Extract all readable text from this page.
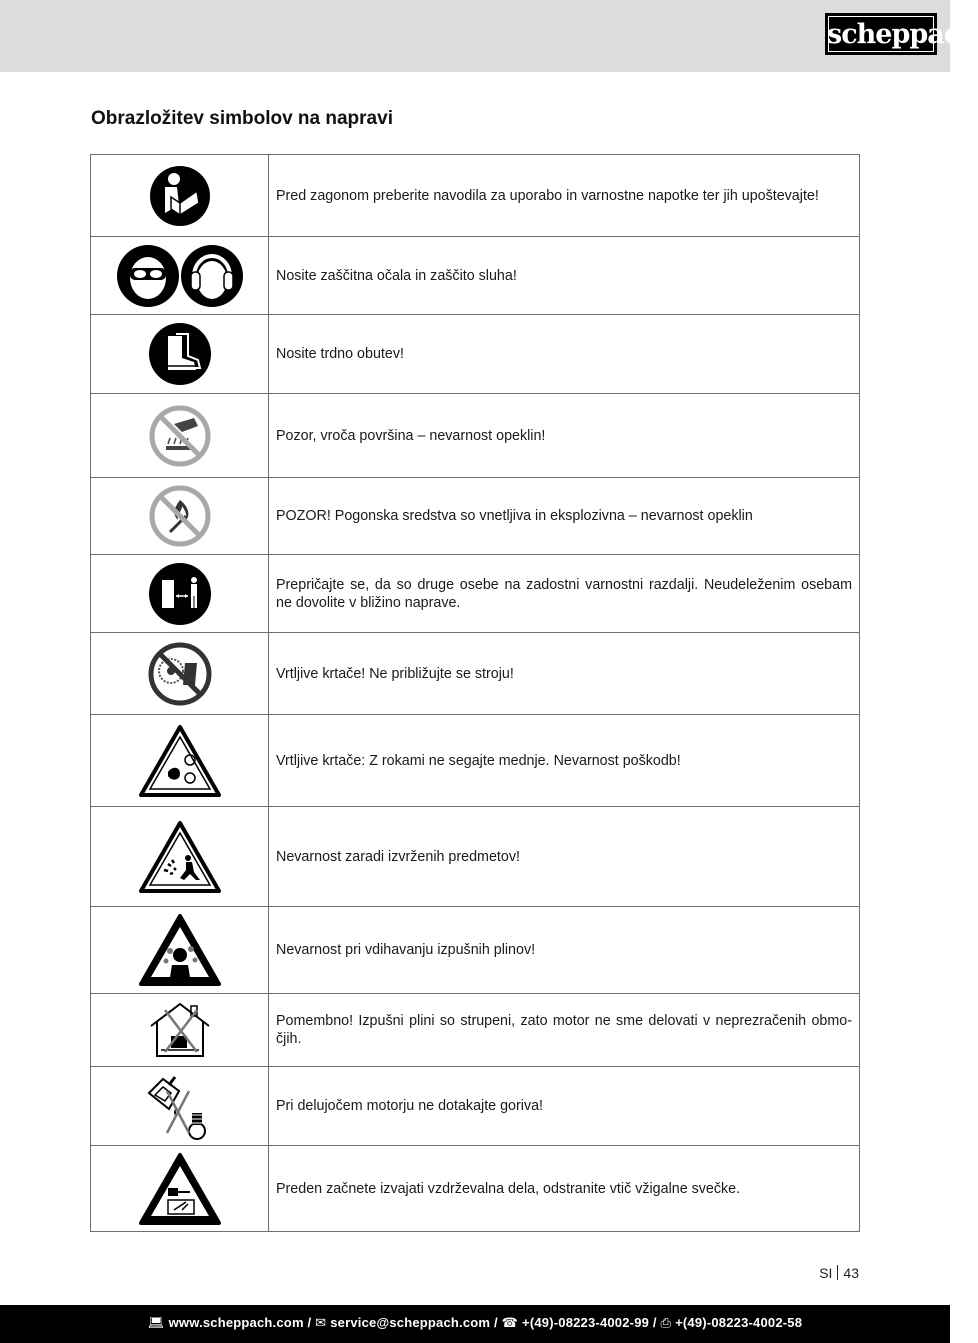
scheppach
Obrazložitev simbolov na napravi
	Pred zagonom preberite navodila za uporabo in varnostne napotke ter jih upoštevajte!

	Nosite zaščitna očala in zaščito sluha!

	Nosite trdno obutev!

	Pozor, vroča površina – nevarnost opeklin!

	POZOR! Pogonska sredstva so vnetljiva in eksplozivna – nevarnost opeklin

	Prepričajte se, da so druge osebe na zadostni varnostni razdalji. Neudeleženim osebam ne dovolite v bližino naprave.

	Vrtljive krtače! Ne približujte se stroju!

	Vrtljive krtače: Z rokami ne segajte mednje. Nevarnost poškodb!

	Nevarnost zaradi izvrženih predmetov!

	Nevarnost pri vdihavanju izpušnih plinov!

	Pomembno! Izpušni plini so strupeni, zato motor ne sme delovati v neprezračenih obmo-čjih.

	Pri delujočem motorju ne dotakajte goriva!

	Preden začnete izvajati vzdrževalna dela, odstranite vtič vžigalne svečke.
SI 43
💻︎ www.scheppach.com / ✉ service@scheppach.com / ☎ +(49)-08223-4002-99 / ⎙ +(49)-08223-4002-58
